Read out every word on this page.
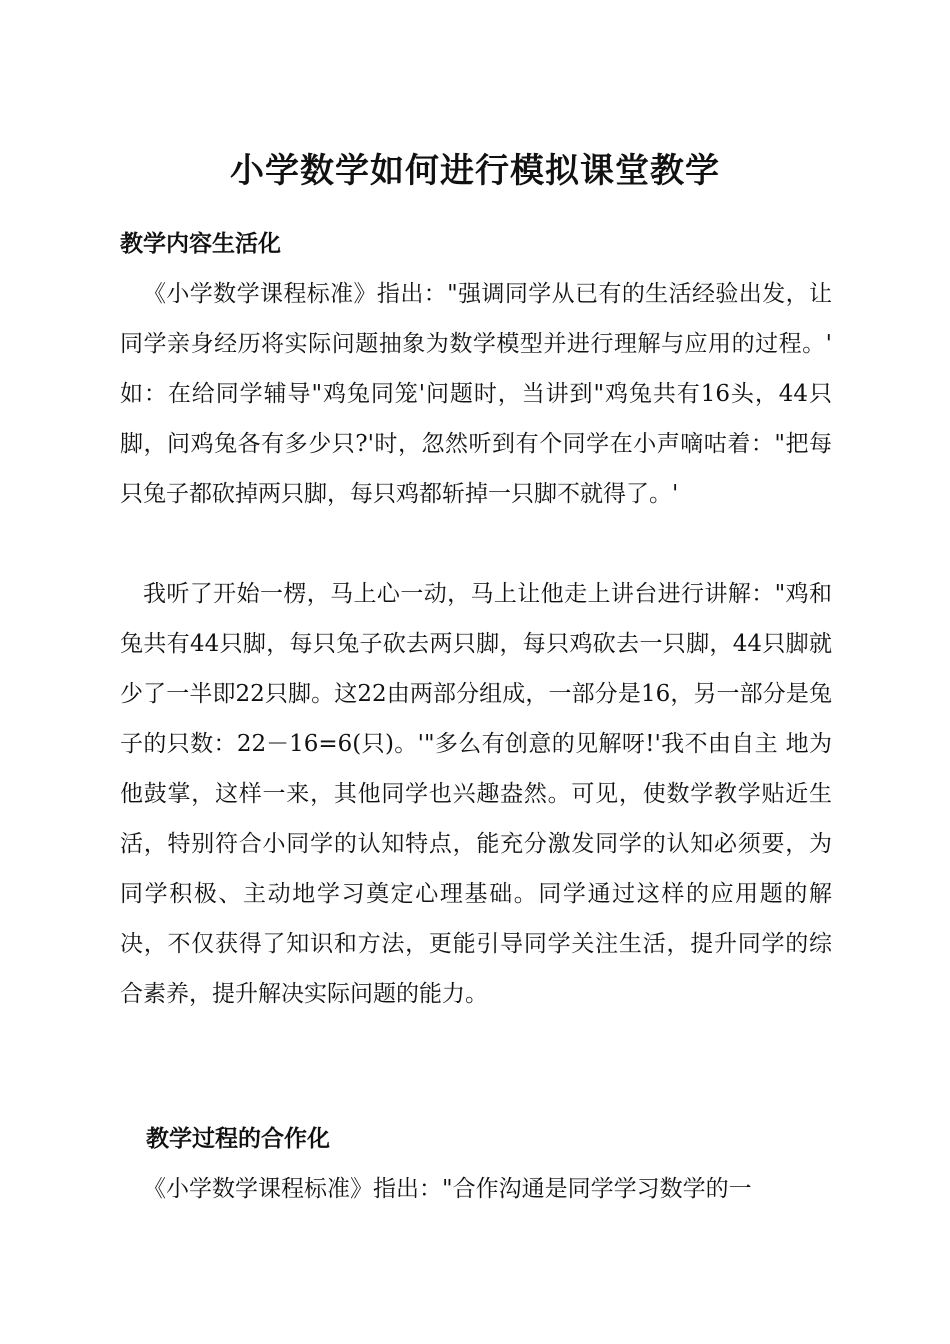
小学数学如何进行模拟课堂教学
教学内容生活化

《小学数学课程标准》指出："强调同学从已有的生活经验出发，让同学亲身经历将实际问题抽象为数学模型并进行理解与应用的过程。' 如：在给同学辅导"鸡兔同笼'问题时，当讲到"鸡兔共有16头，44只脚，问鸡兔各有多少只?'时，忽然听到有个同学在小声嘀咕着："把每只兔子都砍掉两只脚，每只鸡都斩掉一只脚不就得了。'

我听了开始一楞，马上心一动，马上让他走上讲台进行讲解："鸡和兔共有44只脚，每只兔子砍去两只脚，每只鸡砍去一只脚，44只脚就少了一半即22只脚。这22由两部分组成，一部分是16，另一部分是兔子的只数：22－16=6(只)。'"多么有创意的见解呀!'我不由自主 地为他鼓掌，这样一来，其他同学也兴趣盎然。可见，使数学教学贴近生活，特别符合小同学的认知特点，能充分激发同学的认知必须要，为同学积极、主动地学习奠定心理基础。同学通过这样的应用题的解决，不仅获得了知识和方法，更能引导同学关注生活，提升同学的综合素养，提升解决实际问题的能力。

教学过程的合作化

《小学数学课程标准》指出："合作沟通是同学学习数学的一
